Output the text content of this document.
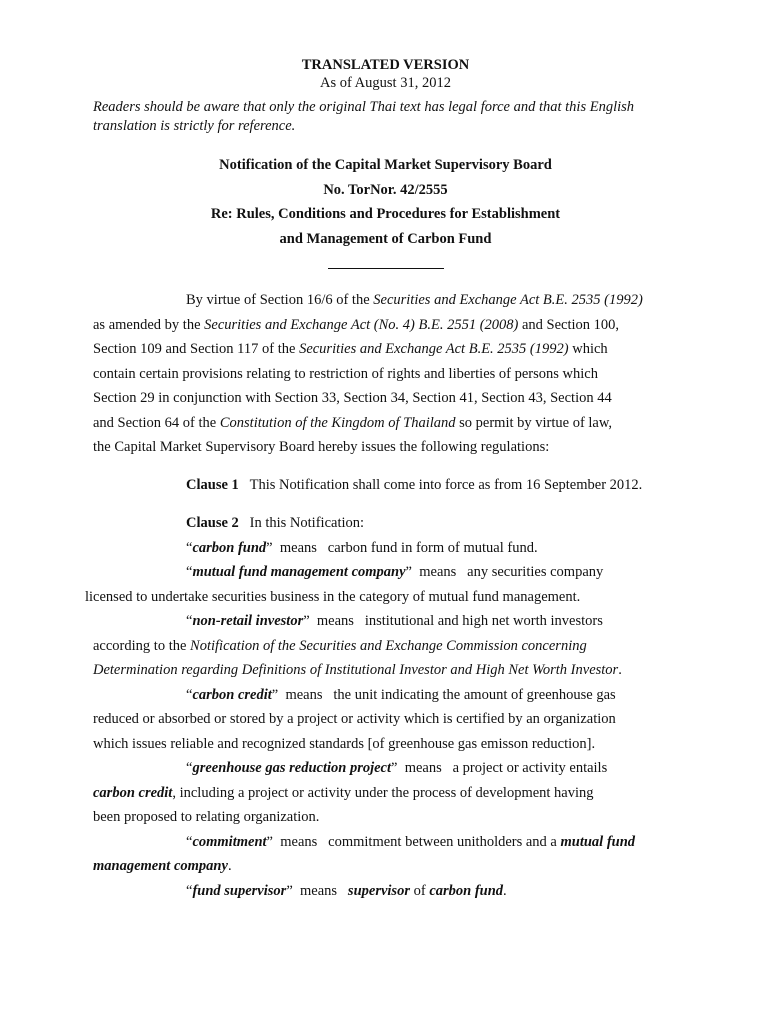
TRANSLATED VERSION
As of August 31, 2012
Readers should be aware that only the original Thai text has legal force and that this English
translation is strictly for reference.
Notification of the Capital Market Supervisory Board
No. TorNor. 42/2555
Re: Rules, Conditions and Procedures for Establishment
and Management of Carbon Fund
By virtue of Section 16/6 of the Securities and Exchange Act B.E. 2535 (1992)
as amended by the Securities and Exchange Act (No. 4) B.E. 2551 (2008) and Section 100,
Section 109 and Section 117 of the Securities and Exchange Act B.E. 2535 (1992) which
contain certain provisions relating to restriction of rights and liberties of persons which
Section 29 in conjunction with Section 33, Section 34, Section 41, Section 43, Section 44
and Section 64 of the Constitution of the Kingdom of Thailand so permit by virtue of law,
the Capital Market Supervisory Board hereby issues the following regulations:
Clause 1 This Notification shall come into force as from 16 September 2012.
Clause 2 In this Notification:
“carbon fund” means carbon fund in form of mutual fund.
“mutual fund management company” means any securities company
licensed to undertake securities business in the category of mutual fund management.
“non-retail investor” means institutional and high net worth investors
according to the Notification of the Securities and Exchange Commission concerning
Determination regarding Definitions of Institutional Investor and High Net Worth Investor.
“carbon credit” means the unit indicating the amount of greenhouse gas
reduced or absorbed or stored by a project or activity which is certified by an organization
which issues reliable and recognized standards [of greenhouse gas emisson reduction].
“greenhouse gas reduction project” means a project or activity entails
carbon credit, including a project or activity under the process of development having
been proposed to relating organization.
“commitment” means commitment between unitholders and a mutual fund
management company.
“fund supervisor” means supervisor of carbon fund.
